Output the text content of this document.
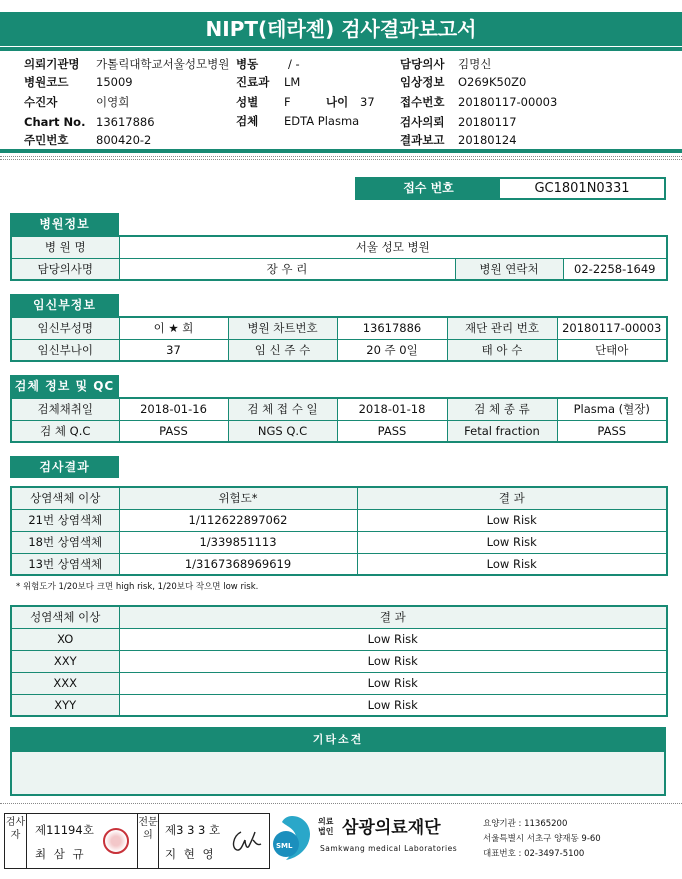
NIPT(테라젠) 검사결과보고서
의뢰기관명 가톨릭대학교서울성모병원
병원코드 15009
수진자	이영희
Chart No. 13617886
주민번호 800420-2
병동	/ -
진료과 LM
성별 F	나이 37
검체 EDTA Plasma
담당의사 김명신
임상정보 O269K50Z0
접수번호 20180117-00003
검사의뢰 20180117
결과보고 20180124
접수 번호	GC1801N0331
병원정보
병 원 명	서울 성모 병원		
담당의사명	장 우 리	병원 연락처	02-2258-1649
임신부정보
임신부성명	이 ★ 희	병원 차트번호	13617886	재단 관리 번호	20180117-00003
임신부나이	37	임 신 주 수	20 주 0일	태 아 수	단태아
검체 정보 및 QC
검체채취일	2018-01-16	검 체 접 수 일	2018-01-18	검 체 종 류	Plasma (혈장)
검 체 Q.C	PASS	NGS Q.C	PASS	Fetal fraction	PASS
검사결과
상염색체 이상	위험도*	결 과
21번 상염색체	1/112622897062	Low Risk
18번 상염색체	1/339851113	Low Risk
13번 상염색체	1/3167368969619	Low Risk
* 위험도가 1/20보다 크면 high risk, 1/20보다 작으면 low risk.
성염색체 이상	결 과
XO	Low Risk
XXY	Low Risk
XXX	Low Risk
XYY	Low Risk
기타소견
검사자	제11194호
최 삼 규
전문의	제3 3 3 호
지 현 영
SML
의료
법인 삼광의료재단
Samkwang medical Laboratories
요양기관 : 11365200
서울특별시 서초구 양재동 9-60
대표번호 : 02-3497-5100
